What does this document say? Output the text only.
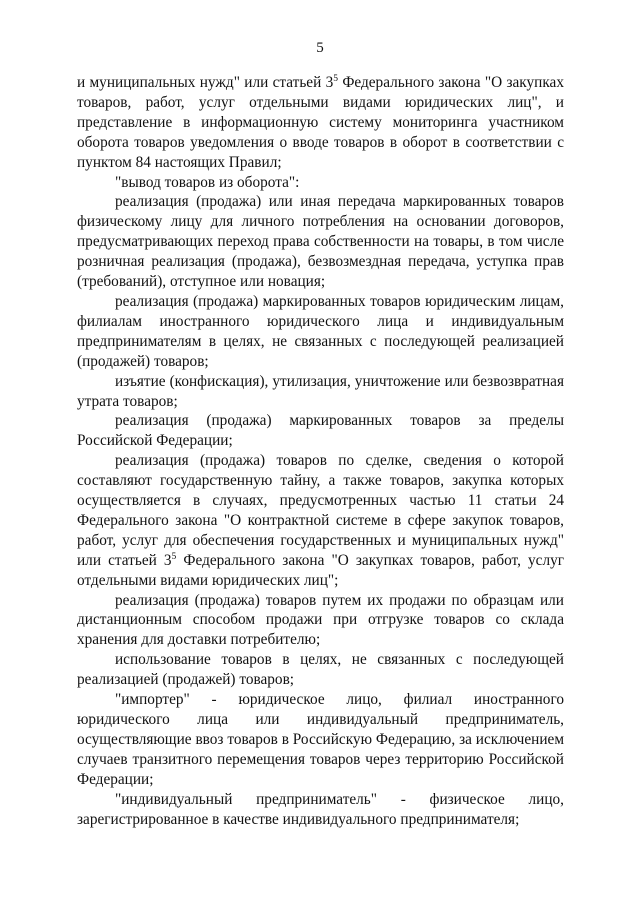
5

и муниципальных нужд" или статьей $3^5$ Федерального закона "О закупках товаров, работ, услуг отдельными видами юридических лиц", и представление в информационную систему мониторинга участником оборота товаров уведомления о вводе товаров в оборот в соответствии с пунктом 84 настоящих Правил;

"вывод товаров из оборота":

реализация (продажа) или иная передача маркированных товаров физическому лицу для личного потребления на основании договоров, предусматривающих переход права собственности на товары, в том числе розничная реализация (продажа), безвозмездная передача, уступка прав (требований), отступное или новация;

реализация (продажа) маркированных товаров юридическим лицам, филиалам иностранного юридического лица и индивидуальным предпринимателям в целях, не связанных с последующей реализацией (продажей) товаров;

изъятие (конфискация), утилизация, уничтожение или безвозвратная утрата товаров;

реализация (продажа) маркированных товаров за пределы Российской Федерации;

реализация (продажа) товаров по сделке, сведения о которой составляют государственную тайну, а также товаров, закупка которых осуществляется в случаях, предусмотренных частью 11 статьи 24 Федерального закона "О контрактной системе в сфере закупок товаров, работ, услуг для обеспечения государственных и муниципальных нужд" или статьей $3^5$ Федерального закона "О закупках товаров, работ, услуг отдельными видами юридических лиц";

реализация (продажа) товаров путем их продажи по образцам или дистанционным способом продажи при отгрузке товаров со склада хранения для доставки потребителю;

использование товаров в целях, не связанных с последующей реализацией (продажей) товаров;

"импортер" - юридическое лицо, филиал иностранного юридического лица или индивидуальный предприниматель, осуществляющие ввоз товаров в Российскую Федерацию, за исключением случаев транзитного перемещения товаров через территорию Российской Федерации;

"индивидуальный предприниматель" - физическое лицо, зарегистрированное в качестве индивидуального предпринимателя;
